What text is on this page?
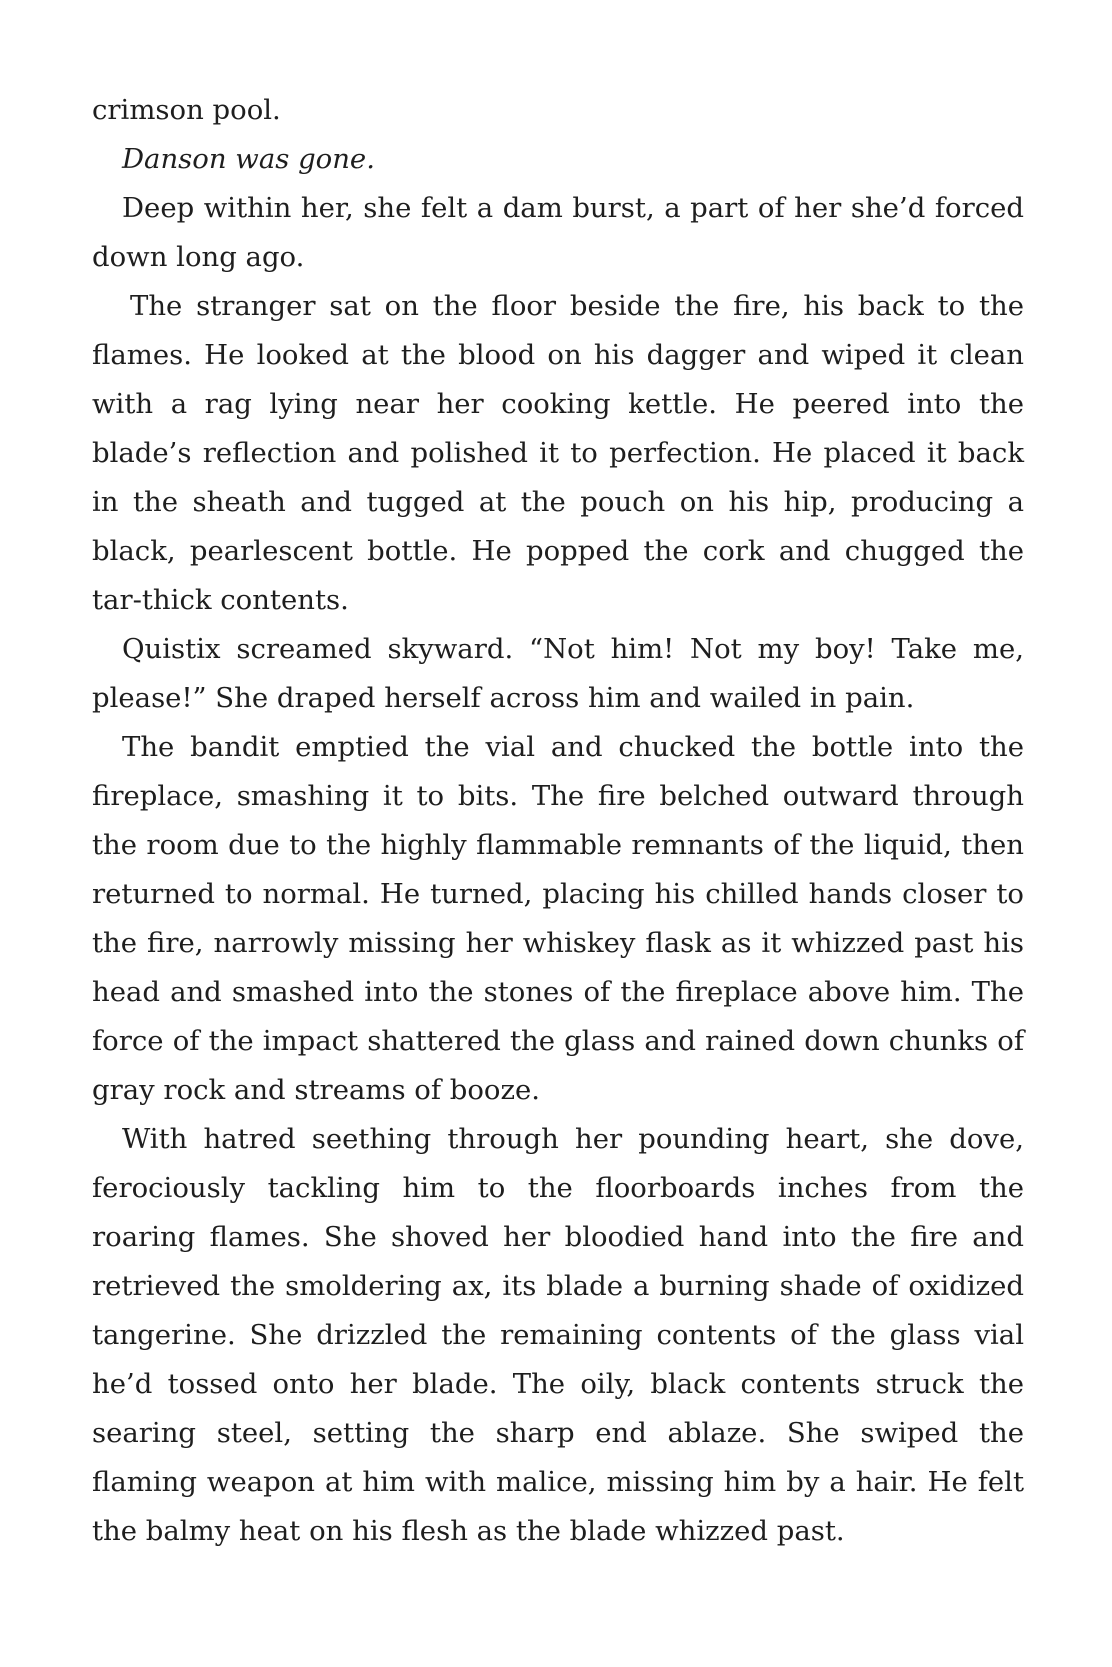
crimson pool.

Danson was gone.

Deep within her, she felt a dam burst, a part of her she’d forced down long ago.

The stranger sat on the floor beside the fire, his back to the flames. He looked at the blood on his dagger and wiped it clean with a rag lying near her cooking kettle. He peered into the blade’s reflection and polished it to perfection. He placed it back in the sheath and tugged at the pouch on his hip, producing a black, pearlescent bottle. He popped the cork and chugged the tar-thick contents.

Quistix screamed skyward. “Not him! Not my boy! Take me, please!” She draped herself across him and wailed in pain.

The bandit emptied the vial and chucked the bottle into the fireplace, smashing it to bits. The fire belched outward through the room due to the highly flammable remnants of the liquid, then returned to normal. He turned, placing his chilled hands closer to the fire, narrowly missing her whiskey flask as it whizzed past his head and smashed into the stones of the fireplace above him. The force of the impact shattered the glass and rained down chunks of gray rock and streams of booze.

With hatred seething through her pounding heart, she dove, ferociously tackling him to the floorboards inches from the roaring flames. She shoved her bloodied hand into the fire and retrieved the smoldering ax, its blade a burning shade of oxidized tangerine. She drizzled the remaining contents of the glass vial he’d tossed onto her blade. The oily, black contents struck the searing steel, setting the sharp end ablaze. She swiped the flaming weapon at him with malice, missing him by a hair. He felt the balmy heat on his flesh as the blade whizzed past.
